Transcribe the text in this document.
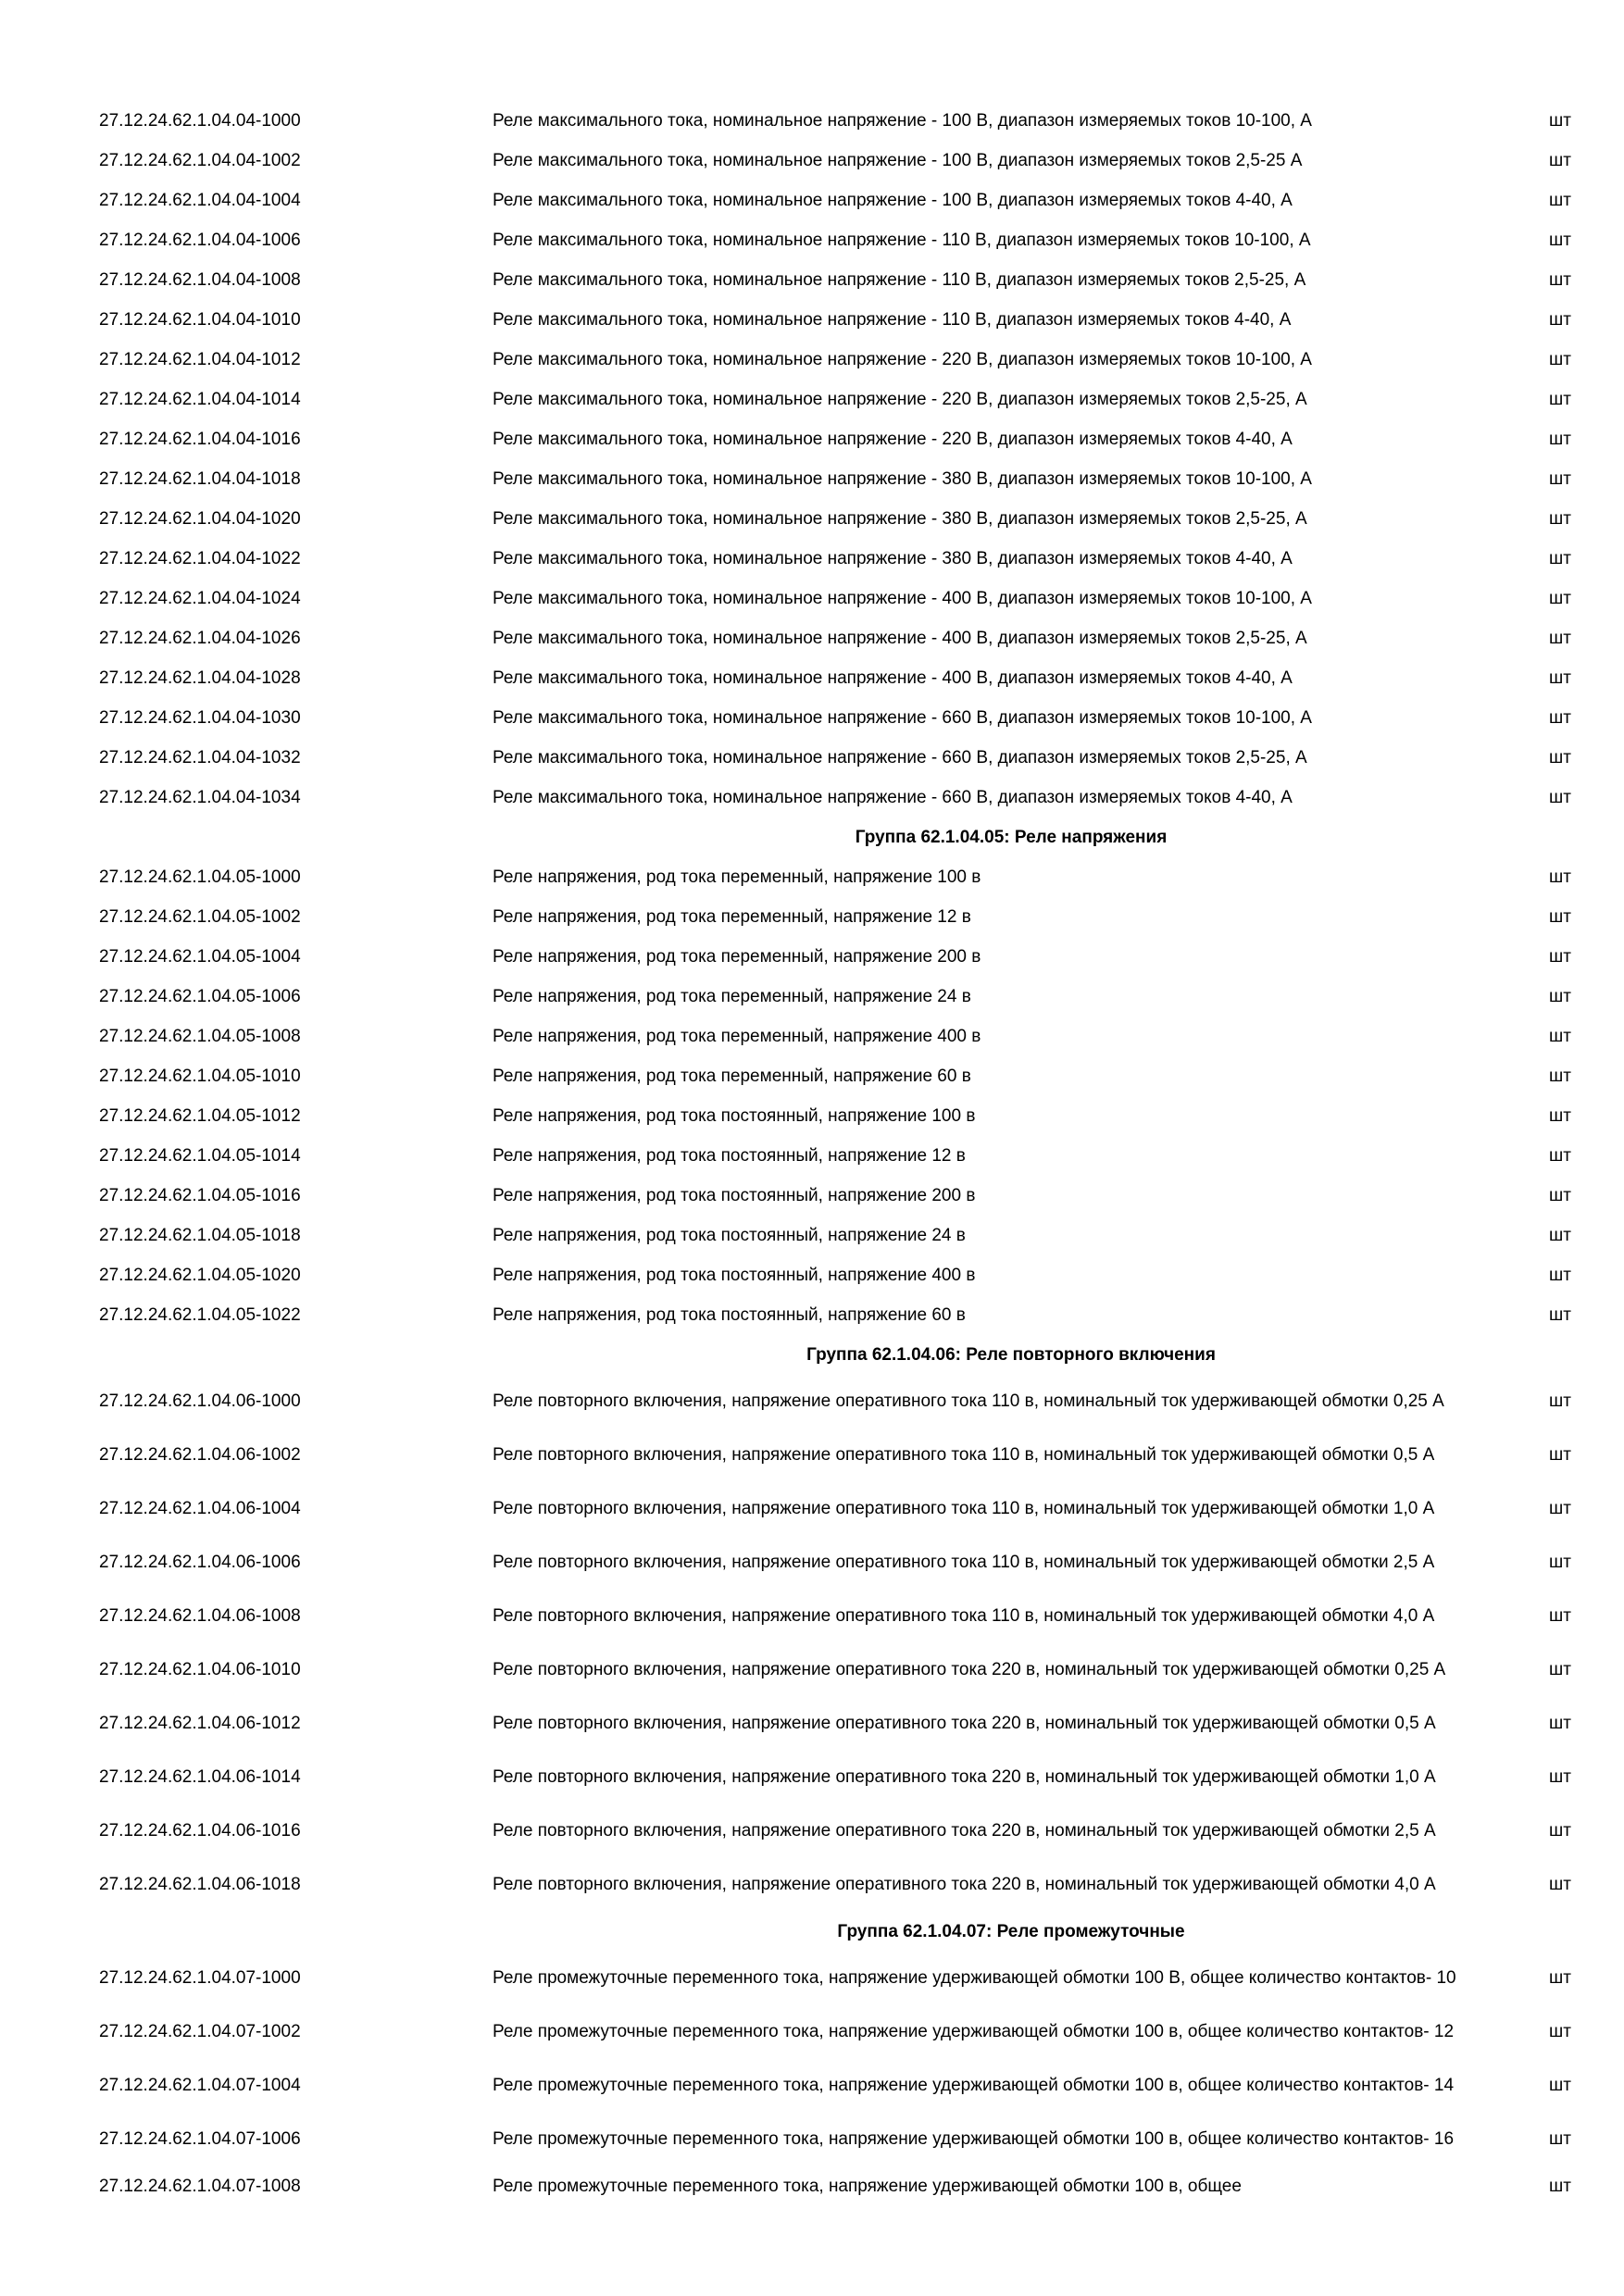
27.12.24.62.1.04.04-1000	Реле максимального тока, номинальное напряжение - 100 В, диапазон измеряемых токов 10-100, А	шт
27.12.24.62.1.04.04-1002	Реле максимального тока, номинальное напряжение - 100 В, диапазон измеряемых токов 2,5-25 А	шт
27.12.24.62.1.04.04-1004	Реле максимального тока, номинальное напряжение - 100 В, диапазон измеряемых токов 4-40, А	шт
27.12.24.62.1.04.04-1006	Реле максимального тока, номинальное напряжение - 110 В, диапазон измеряемых токов 10-100, А	шт
27.12.24.62.1.04.04-1008	Реле максимального тока, номинальное напряжение - 110 В, диапазон измеряемых токов 2,5-25, А	шт
27.12.24.62.1.04.04-1010	Реле максимального тока, номинальное напряжение - 110 В, диапазон измеряемых токов 4-40, А	шт
27.12.24.62.1.04.04-1012	Реле максимального тока, номинальное напряжение - 220 В, диапазон измеряемых токов 10-100, А	шт
27.12.24.62.1.04.04-1014	Реле максимального тока, номинальное напряжение - 220 В, диапазон измеряемых токов 2,5-25, А	шт
27.12.24.62.1.04.04-1016	Реле максимального тока, номинальное напряжение - 220 В, диапазон измеряемых токов 4-40, А	шт
27.12.24.62.1.04.04-1018	Реле максимального тока, номинальное напряжение - 380 В, диапазон измеряемых токов 10-100, А	шт
27.12.24.62.1.04.04-1020	Реле максимального тока, номинальное напряжение - 380 В, диапазон измеряемых токов 2,5-25, А	шт
27.12.24.62.1.04.04-1022	Реле максимального тока, номинальное напряжение - 380 В, диапазон измеряемых токов 4-40, А	шт
27.12.24.62.1.04.04-1024	Реле максимального тока, номинальное напряжение - 400 В, диапазон измеряемых токов 10-100, А	шт
27.12.24.62.1.04.04-1026	Реле максимального тока, номинальное напряжение - 400 В, диапазон измеряемых токов 2,5-25, А	шт
27.12.24.62.1.04.04-1028	Реле максимального тока, номинальное напряжение - 400 В, диапазон измеряемых токов 4-40, А	шт
27.12.24.62.1.04.04-1030	Реле максимального тока, номинальное напряжение - 660 В, диапазон измеряемых токов 10-100, А	шт
27.12.24.62.1.04.04-1032	Реле максимального тока, номинальное напряжение - 660 В, диапазон измеряемых токов 2,5-25, А	шт
27.12.24.62.1.04.04-1034	Реле максимального тока, номинальное напряжение - 660 В, диапазон измеряемых токов 4-40, А	шт
Группа 62.1.04.05: Реле напряжения
27.12.24.62.1.04.05-1000	Реле напряжения, род тока переменный, напряжение 100 в	шт
27.12.24.62.1.04.05-1002	Реле напряжения, род тока переменный, напряжение 12 в	шт
27.12.24.62.1.04.05-1004	Реле напряжения, род тока переменный, напряжение 200 в	шт
27.12.24.62.1.04.05-1006	Реле напряжения, род тока переменный, напряжение 24 в	шт
27.12.24.62.1.04.05-1008	Реле напряжения, род тока переменный, напряжение 400 в	шт
27.12.24.62.1.04.05-1010	Реле напряжения, род тока переменный, напряжение 60 в	шт
27.12.24.62.1.04.05-1012	Реле напряжения, род тока постоянный, напряжение 100 в	шт
27.12.24.62.1.04.05-1014	Реле напряжения, род тока постоянный, напряжение 12 в	шт
27.12.24.62.1.04.05-1016	Реле напряжения, род тока постоянный, напряжение 200 в	шт
27.12.24.62.1.04.05-1018	Реле напряжения, род тока постоянный, напряжение 24 в	шт
27.12.24.62.1.04.05-1020	Реле напряжения, род тока постоянный, напряжение 400 в	шт
27.12.24.62.1.04.05-1022	Реле напряжения, род тока постоянный, напряжение 60 в	шт
Группа 62.1.04.06: Реле повторного включения
27.12.24.62.1.04.06-1000	Реле повторного включения, напряжение оперативного тока 110 в, номинальный ток удерживающей обмотки 0,25 А	шт
27.12.24.62.1.04.06-1002	Реле повторного включения, напряжение оперативного тока 110 в, номинальный ток удерживающей обмотки 0,5 А	шт
27.12.24.62.1.04.06-1004	Реле повторного включения, напряжение оперативного тока 110 в, номинальный ток удерживающей обмотки 1,0 А	шт
27.12.24.62.1.04.06-1006	Реле повторного включения, напряжение оперативного тока 110 в, номинальный ток удерживающей обмотки 2,5 А	шт
27.12.24.62.1.04.06-1008	Реле повторного включения, напряжение оперативного тока 110 в, номинальный ток удерживающей обмотки 4,0 А	шт
27.12.24.62.1.04.06-1010	Реле повторного включения, напряжение оперативного тока 220 в, номинальный ток удерживающей обмотки 0,25 А	шт
27.12.24.62.1.04.06-1012	Реле повторного включения, напряжение оперативного тока 220 в, номинальный ток удерживающей обмотки 0,5 А	шт
27.12.24.62.1.04.06-1014	Реле повторного включения, напряжение оперативного тока 220 в, номинальный ток удерживающей обмотки 1,0 А	шт
27.12.24.62.1.04.06-1016	Реле повторного включения, напряжение оперативного тока 220 в, номинальный ток удерживающей обмотки 2,5 А	шт
27.12.24.62.1.04.06-1018	Реле повторного включения, напряжение оперативного тока 220 в, номинальный ток удерживающей обмотки 4,0 А	шт
Группа 62.1.04.07: Реле промежуточные
27.12.24.62.1.04.07-1000	Реле промежуточные переменного тока, напряжение удерживающей обмотки 100 В, общее количество контактов- 10	шт
27.12.24.62.1.04.07-1002	Реле промежуточные переменного тока, напряжение удерживающей обмотки 100 в, общее количество контактов- 12	шт
27.12.24.62.1.04.07-1004	Реле промежуточные переменного тока, напряжение удерживающей обмотки 100 в, общее количество контактов- 14	шт
27.12.24.62.1.04.07-1006	Реле промежуточные переменного тока, напряжение удерживающей обмотки 100 в, общее количество контактов- 16	шт
27.12.24.62.1.04.07-1008	Реле промежуточные переменного тока, напряжение удерживающей обмотки 100 в, общее	шт
